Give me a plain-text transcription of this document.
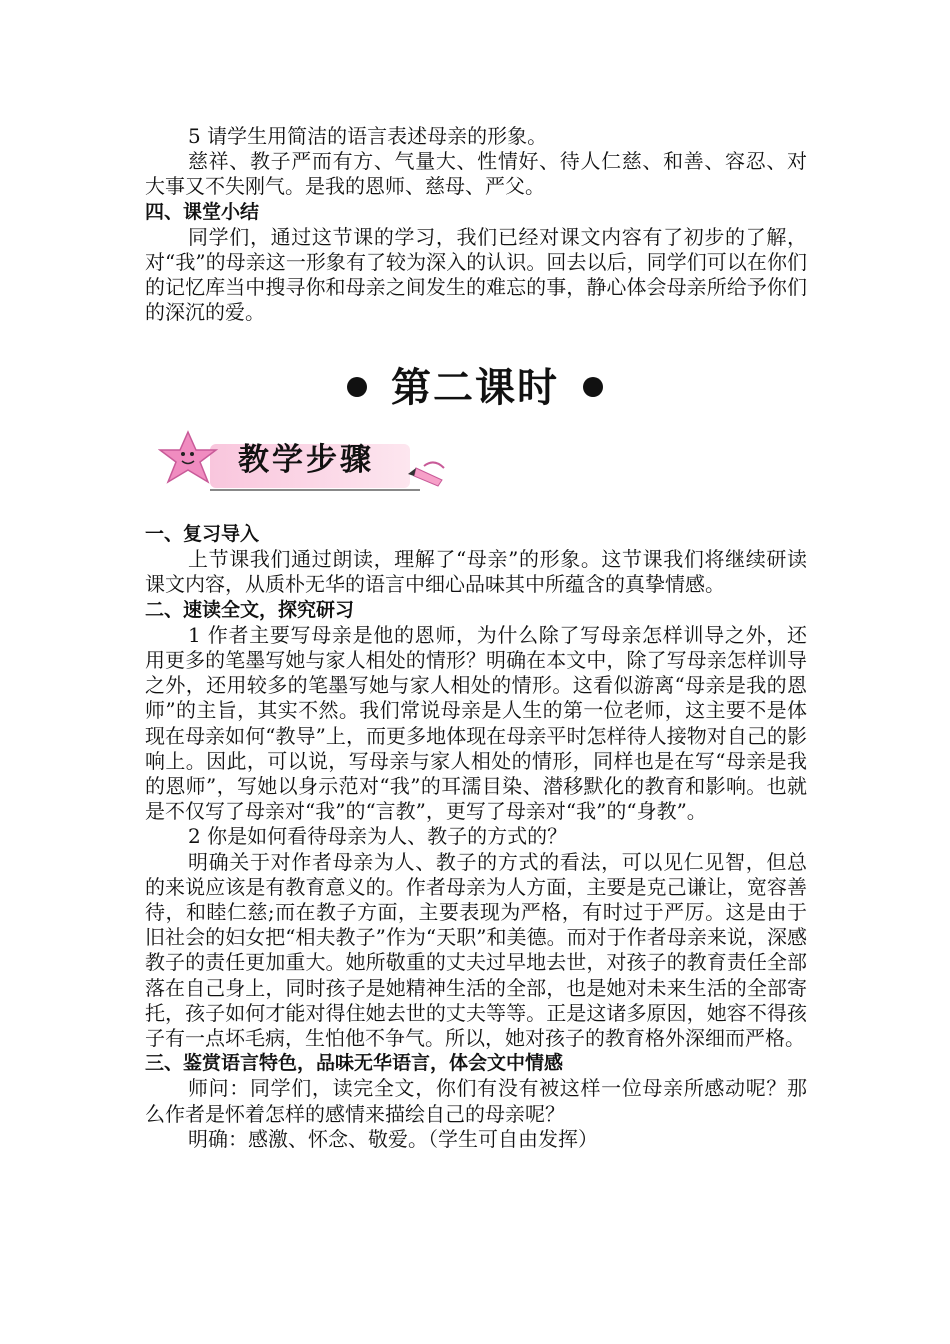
5 请学生用简洁的语言表述母亲的形象。

慈祥、教子严而有方、气量大、性情好、待人仁慈、和善、容忍、对大事又不失刚气。是我的恩师、慈母、严父。

四、课堂小结

同学们，通过这节课的学习，我们已经对课文内容有了初步的了解，对“我”的母亲这一形象有了较为深入的认识。回去以后，同学们可以在你们的记忆库当中搜寻你和母亲之间发生的难忘的事，静心体会母亲所给予你们的深沉的爱。

第二课时
教学步骤

一、复习导入

上节课我们通过朗读，理解了“母亲”的形象。这节课我们将继续研读课文内容，从质朴无华的语言中细心品味其中所蕴含的真挚情感。

二、速读全文，探究研习

1 作者主要写母亲是他的恩师，为什么除了写母亲怎样训导之外，还用更多的笔墨写她与家人相处的情形？明确在本文中，除了写母亲怎样训导之外，还用较多的笔墨写她与家人相处的情形。这看似游离“母亲是我的恩师”的主旨，其实不然。我们常说母亲是人生的第一位老师，这主要不是体现在母亲如何“教导”上，而更多地体现在母亲平时怎样待人接物对自己的影响上。因此，可以说，写母亲与家人相处的情形，同样也是在写“母亲是我的恩师”，写她以身示范对“我”的耳濡目染、潜移默化的教育和影响。也就是不仅写了母亲对“我”的“言教”，更写了母亲对“我”的“身教”。

2 你是如何看待母亲为人、教子的方式的？

明确关于对作者母亲为人、教子的方式的看法，可以见仁见智，但总的来说应该是有教育意义的。作者母亲为人方面，主要是克己谦让，宽容善待，和睦仁慈;而在教子方面，主要表现为严格，有时过于严厉。这是由于旧社会的妇女把“相夫教子”作为“天职”和美德。而对于作者母亲来说，深感教子的责任更加重大。她所敬重的丈夫过早地去世，对孩子的教育责任全部落在自己身上，同时孩子是她精神生活的全部，也是她对未来生活的全部寄托，孩子如何才能对得住她去世的丈夫等等。正是这诸多原因，她容不得孩子有一点坏毛病，生怕他不争气。所以，她对孩子的教育格外深细而严格。

三、鉴赏语言特色，品味无华语言，体会文中情感

师问：同学们，读完全文，你们有没有被这样一位母亲所感动呢？那么作者是怀着怎样的感情来描绘自己的母亲呢？

明确：感激、怀念、敬爱。（学生可自由发挥）
